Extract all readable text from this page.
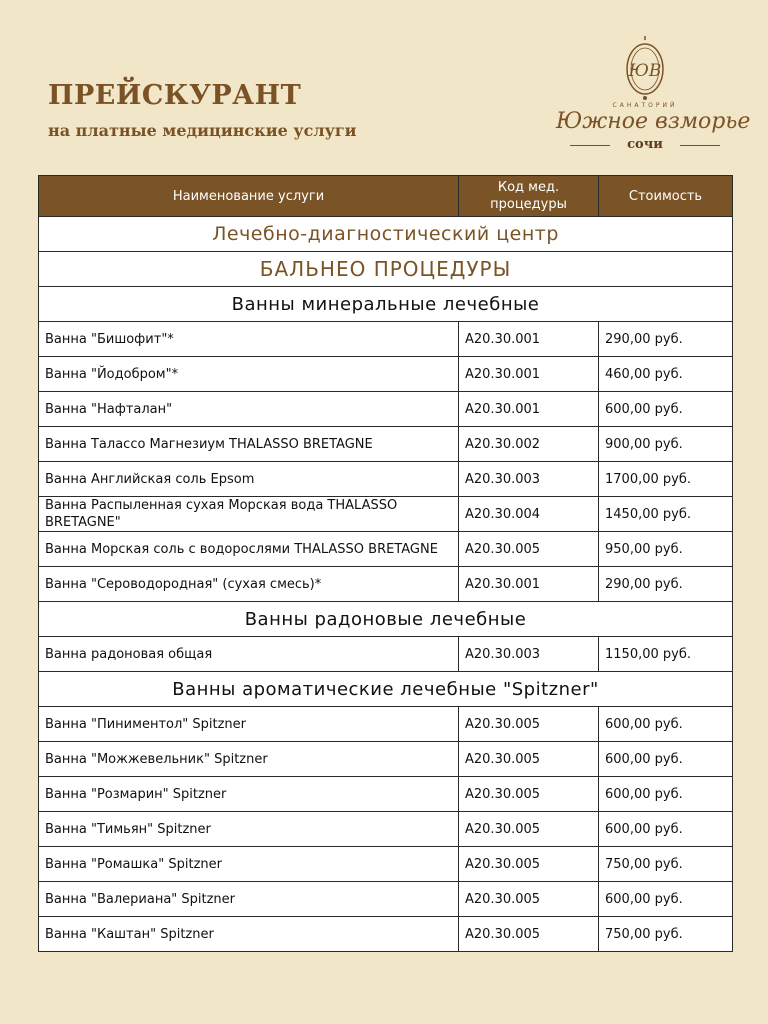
ПРЕЙСКУРАНТ
на платные медицинские услуги
ЮВ
САНАТОРИЙ
Южное взморье
сочи
Наименование услуги	Код мед. процедуры	Стоимость
Лечебно-диагностический центр		
БАЛЬНЕО ПРОЦЕДУРЫ		
Ванны минеральные лечебные		
Ванна "Бишофит"*	A20.30.001	290,00 руб.
Ванна "Йодобром"*	A20.30.001	460,00 руб.
Ванна "Нафталан"	A20.30.001	600,00 руб.
Ванна Талассо Магнезиум THALASSO BRETAGNE	A20.30.002	900,00 руб.
Ванна Английская соль Epsom	A20.30.003	1700,00 руб.
Ванна Распыленная сухая Морская вода THALASSO BRETAGNE"	A20.30.004	1450,00 руб.
Ванна Морская соль с водорослями THALASSO BRETAGNE	A20.30.005	950,00 руб.
Ванна "Сероводородная" (сухая смесь)*	A20.30.001	290,00 руб.
Ванны радоновые лечебные		
Ванна радоновая общая	A20.30.003	1150,00 руб.
Ванны ароматические лечебные "Spitzner"		
Ванна "Пиниментол" Spitzner	A20.30.005	600,00 руб.
Ванна "Можжевельник" Spitzner	A20.30.005	600,00 руб.
Ванна "Розмарин" Spitzner	A20.30.005	600,00 руб.
Ванна "Тимьян" Spitzner	A20.30.005	600,00 руб.
Ванна "Ромашка" Spitzner	A20.30.005	750,00 руб.
Ванна "Валериана" Spitzner	A20.30.005	600,00 руб.
Ванна "Каштан" Spitzner	A20.30.005	750,00 руб.
